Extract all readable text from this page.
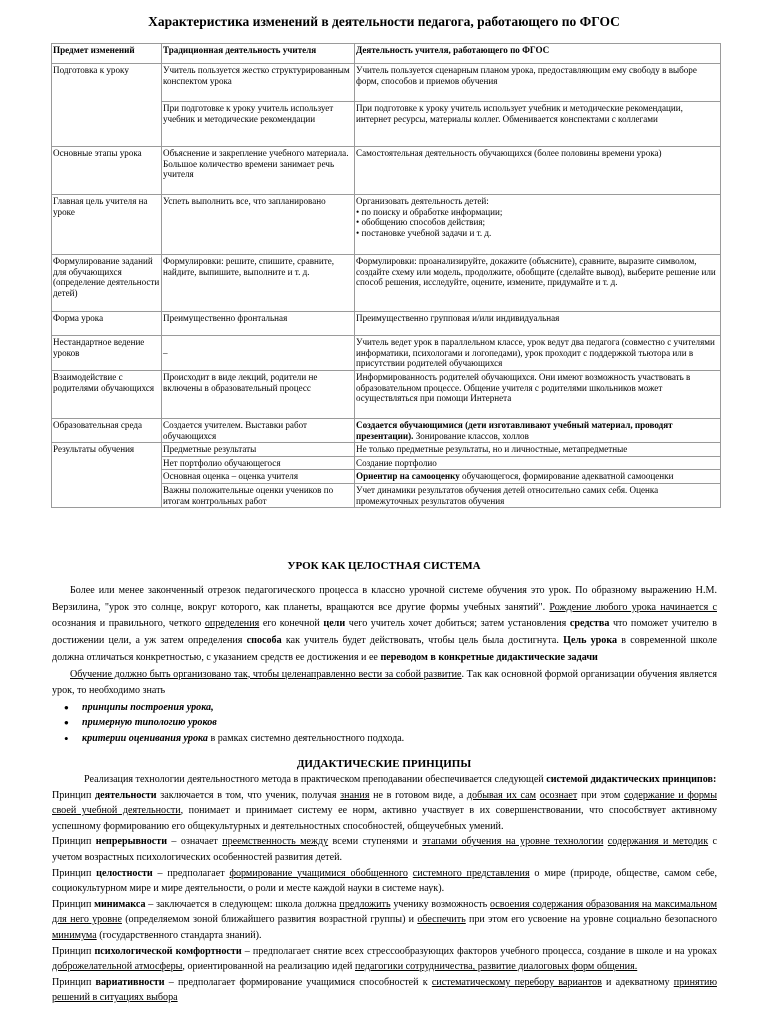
Характеристика изменений в деятельности педагога, работающего по ФГОС
Предмет изменений	Традиционная деятельность учителя	Деятельность учителя, работающего по ФГОС
Подготовка к уроку	Учитель пользуется жестко структурированным конспектом урока	Учитель пользуется сценарным планом урока, предоставляющим ему свободу в выборе форм, способов и приемов обучения
	При подготовке к уроку учитель использует учебник и методические рекомендации	При подготовке к уроку учитель использует учебник и методические рекомендации, интернет ресурсы, материалы коллег. Обменивается конспектами с коллегами
Основные этапы урока	Объяснение и закрепление учебного материала. Большое количество времени занимает речь учителя	Самостоятельная деятельность обучающихся (более половины времени урока)
Главная цель учителя на уроке	Успеть выполнить все, что запланировано	Организовать деятельность детей:
• по поиску и обработке информации;
• обобщению способов действия;
• постановке учебной задачи и т. д.

Формулирование заданий для обучающихся (определение деятельности детей)	Формулировки: решите, спишите, сравните, найдите, выпишите, выполните и т. д.	Формулировки: проанализируйте, докажите (объясните), сравните, выразите символом, создайте схему или модель, продолжите, обобщите (сделайте вывод), выберите решение или способ решения, исследуйте, оцените, измените, придумайте и т. д.
Форма урока	Преимущественно фронтальная	Преимущественно групповая и/или индивидуальная
Нестандартное ведение уроков	–	Учитель ведет урок в параллельном классе, урок ведут два педагога (совместно с учителями информатики, психологами и логопедами), урок проходит с поддержкой тьютора или в присутствии родителей обучающихся
Взаимодействие с родителями обучающихся	Происходит в виде лекций, родители не включены в образовательный процесс	Информированность родителей обучающихся. Они имеют возможность участвовать в образовательном процессе. Общение учителя с родителями школьников может осуществляться при помощи Интернета
Образовательная среда	Создается учителем. Выставки работ обучающихся	Создается обучающимися (дети изготавливают учебный материал, проводят презентации). Зонирование классов, холлов
Результаты обучения	Предметные результаты	Не только предметные результаты, но и личностные, метапредметные
	Нет портфолио обучающегося	Создание портфолио
	Основная оценка – оценка учителя	Ориентир на самооценку обучающегося, формирование адекватной самооценки
	Важны положительные оценки учеников по итогам контрольных работ	Учет динамики результатов обучения детей относительно самих себя. Оценка промежуточных результатов обучения
УРОК КАК ЦЕЛОСТНАЯ СИСТЕМА

Более или менее законченный отрезок педагогического процесса в классно урочной системе обучения это урок. По образному выражению Н.М. Верзилина, "урок это солнце, вокруг которого, как планеты, вращаются все другие формы учебных занятий". Рождение любого урока начинается с осознания и правильного, четкого определения его конечной цели чего учитель хочет добиться; затем установления средства что поможет учителю в достижении цели, а уж затем определения способа как учитель будет действовать, чтобы цель была достигнута. Цель урока в современной школе должна отличаться конкретностью, с указанием средств ее достижения и ее переводом в конкретные дидактические задачи

Обучение должно быть организовано так, чтобы целенаправленно вести за собой развитие. Так как основной формой организации обучения является урок, то необходимо знать

• принципы построения урока,
• примерную типологию уроков
• критерии оценивания урока в рамках системно деятельностного подхода.
ДИДАКТИЧЕСКИЕ ПРИНЦИПЫ

Реализация технологии деятельностного метода в практическом преподавании обеспечивается следующей системой дидактических принципов:

Принцип деятельности заключается в том, что ученик, получая знания не в готовом виде, а добывая их сам осознает при этом содержание и формы своей учебной деятельности, понимает и принимает систему ее норм, активно участвует в их совершенствовании, что способствует активному успешному формированию его общекультурных и деятельностных способностей, общеучебных умений.

Принцип непрерывности – означает преемственность между всеми ступенями и этапами обучения на уровне технологии содержания и методик с учетом возрастных психологических особенностей развития детей.

Принцип целостности – предполагает формирование учащимися обобщенного системного представления о мире (природе, обществе, самом себе, социокультурном мире и мире деятельности, о роли и месте каждой науки в системе наук).

Принцип минимакса – заключается в следующем: школа должна предложить ученику возможность освоения содержания образования на максимальном для него уровне (определяемом зоной ближайшего развития возрастной группы) и обеспечить при этом его усвоение на уровне социально безопасного минимума (государственного стандарта знаний).

Принцип психологической комфортности – предполагает снятие всех стрессообразующих факторов учебного процесса, создание в школе и на уроках доброжелательной атмосферы, ориентированной на реализацию идей педагогики сотрудничества, развитие диалоговых форм общения.

Принцип вариативности – предполагает формирование учащимися способностей к систематическому перебору вариантов и адекватному принятию решений в ситуациях выбора
